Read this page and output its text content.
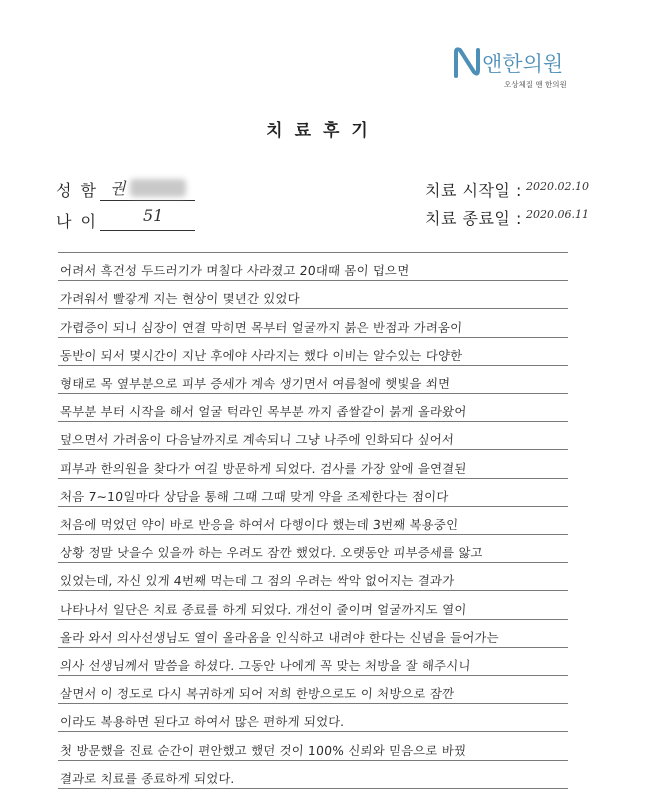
앤한의원
오상체질 앤 한의원
치료후기
성 함 권
나 이	51
치료 시작일 : 2020.02.10
치료 종료일 : 2020.06.11
어려서 흑건성 두드러기가 며칠다 사라졌고 20대때 몸이 덥으면
가려워서 빨갛게 지는 현상이 몇년간 있었다
가렵증이 되니 심장이 연결 막히면 목부터 얼굴까지 붉은 반점과 가려움이
동반이 되서 몇시간이 지난 후에야 사라지는 했다 이비는 알수있는 다양한
형태로 목 옆부분으로 피부 증세가 계속 생기면서 여름철에 햇빛을 쐬면
목부분 부터 시작을 해서 얼굴 턱라인 목부분 까지 좁쌀같이 붉게 올라왔어
덮으면서 가려움이 다음날까지로 계속되니 그냥 나주에 인화되다 싶어서
피부과 한의원을 찾다가 여길 방문하게 되었다. 검사를 가장 앞에 을연결된
처음 7~10일마다 상담을 통해 그때 그때 맞게 약을 조제한다는 점이다
처음에 먹었던 약이 바로 반응을 하여서 다행이다 했는데 3번째 복용중인
상황 정말 낫을수 있을까 하는 우려도 잠깐 했었다. 오랫동안 피부증세를 앓고
있었는데, 자신 있게 4번째 먹는데 그 점의 우려는 싹악 없어지는 결과가
나타나서 일단은 치료 종료를 하게 되었다. 개선이 줄이며 얼굴까지도 열이
올라 와서 의사선생님도 열이 올라옴을 인식하고 내려야 한다는 신념을 들어가는
의사 선생님께서 말씀을 하셨다. 그동안 나에게 꼭 맞는 처방을 잘 해주시니
살면서 이 정도로 다시 복귀하게 되어 저희 한방으로도 이 처방으로 잠깐
이라도 복용하면 된다고 하여서 많은 편하게 되었다.
첫 방문했을 진료 순간이 편안했고 했던 것이 100% 신뢰와 믿음으로 바꿨
결과로 치료를 종료하게 되었다.
